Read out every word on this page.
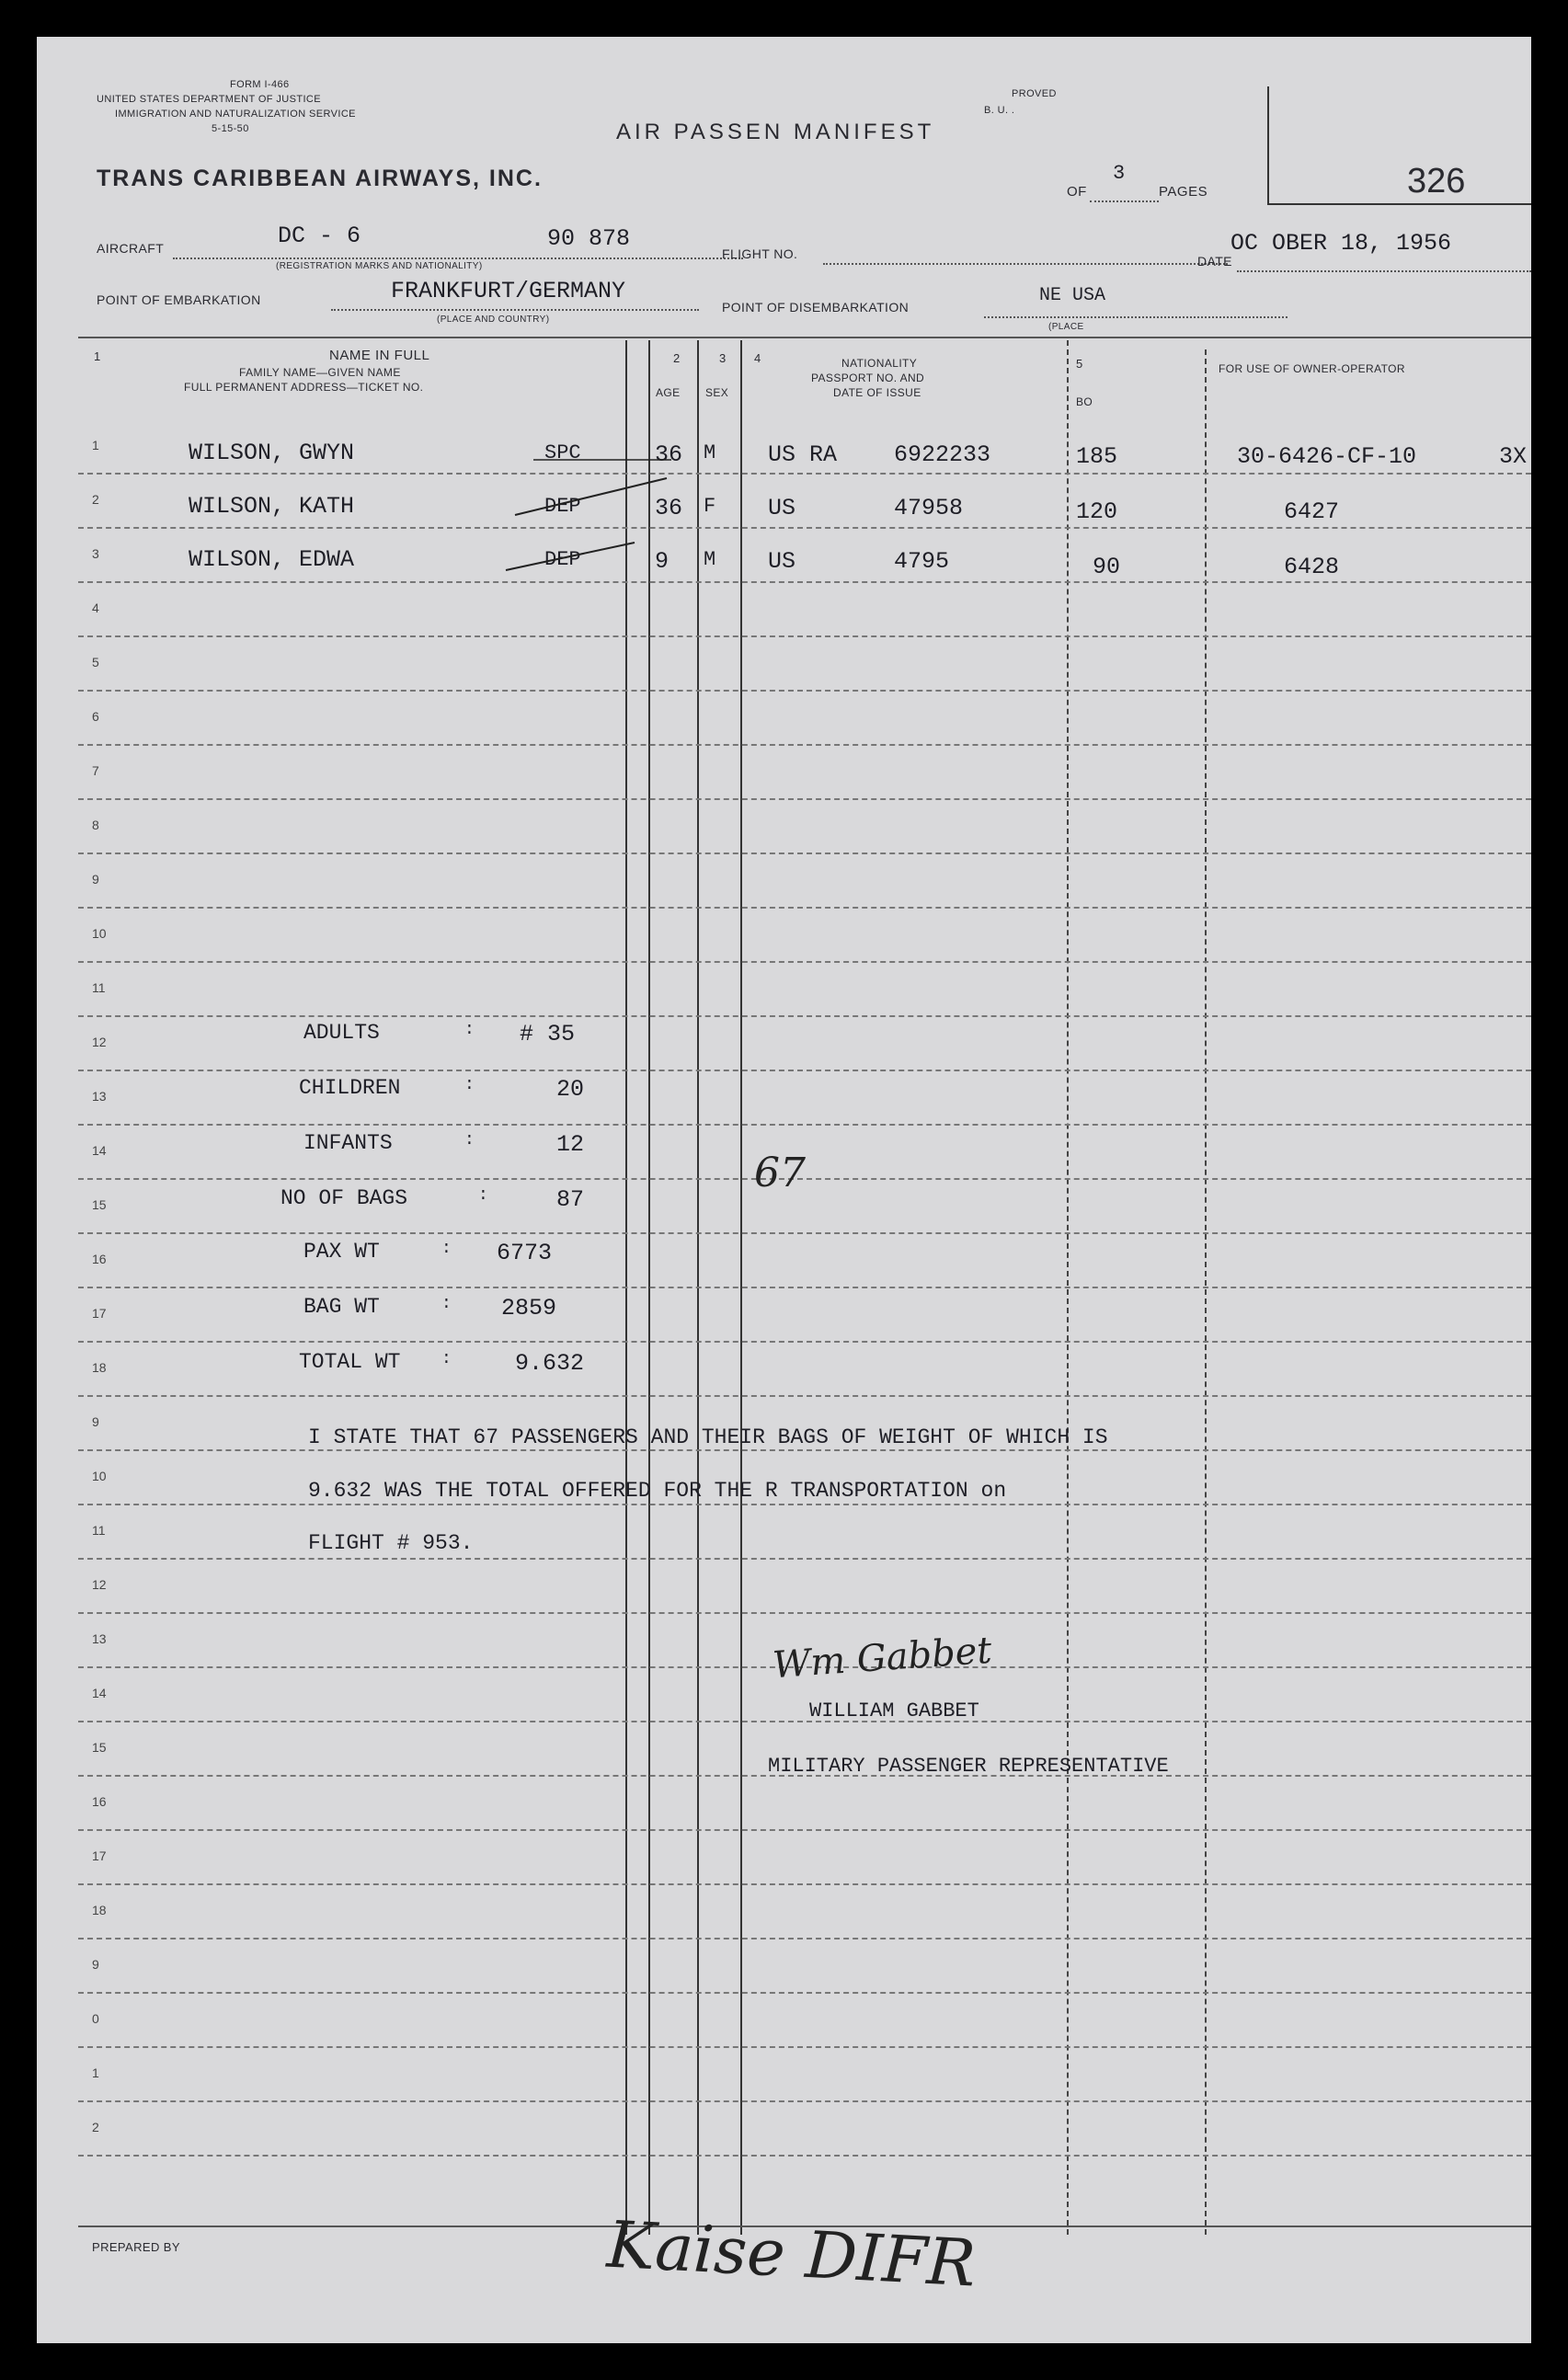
FORM I-466
UNITED STATES DEPARTMENT OF JUSTICE
IMMIGRATION AND NATURALIZATION SERVICE
5-15-50	AIR PASSEN MANIFEST
PROVED
B. U. .
TRANS CARIBBEAN AIRWAYS, INC.
OF
3
PAGES	326
AIRCRAFT	DC - 6	90 878
(REGISTRATION MARKS AND NATIONALITY)
FLIGHT NO.	DATE
OC OBER 18, 1956
POINT OF EMBARKATION	FRANKFURT/GERMANY
(PLACE AND COUNTRY)
POINT OF DISEMBARKATION
NE USA
(PLACE
1	NAME IN FULL
FAMILY NAME—GIVEN NAME
FULL PERMANENT ADDRESS—TICKET NO.
2
AGE
3
SEX
4	NATIONALITY
PASSPORT NO. AND
DATE OF ISSUE
5
BO
FOR USE OF OWNER-OPERATOR
1
2
3
4
5
6
7
8
9
10
11
12
13
14
15
16
17
18
9
10
11
12
13
14
15
16
17
18
9
0
1
2
WILSON, GWYN	SPC	36 M US RA 6922233	185	30-6426-CF-10	3X
WILSON, KATH	DEP	36 F US	47958	120	6427
WILSON, EDWA	DEP	9 M US	4795	90	6428
ADULTS	: # 35
CHILDREN	:	20
INFANTS	:	12
NO OF BAGS	:	87
PAX WT	: 6773
BAG WT	: 2859
TOTAL WT :	9.632
67
I STATE THAT 67 PASSENGERS AND THEIR BAGS OF WEIGHT OF WHICH IS
9.632 WAS THE TOTAL OFFERED FOR THE R TRANSPORTATION on
FLIGHT # 953.
Wm Gabbet
WILLIAM GABBET
MILITARY PASSENGER REPRESENTATIVE
PREPARED BY	Kaise DIFR
